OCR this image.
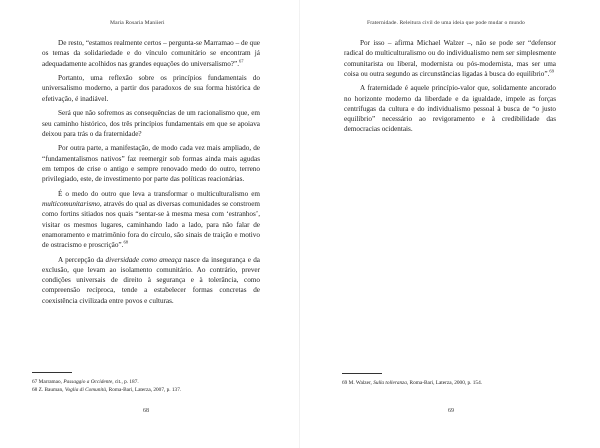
Maria Rosaria Maniieri

De resto, “estamos realmente certos – pergunta-se Marramao – de que os temas da solidariedade e do vínculo comunitário se encontram já adequadamente acolhidos nas grandes equações do universalismo?”.$^{67}$

Portanto, uma reflexão sobre os princípios fundamentais do universalismo moderno, a partir dos paradoxos de sua forma histórica de efetivação, é inadiável.

Será que não sofremos as consequências de um racionalismo que, em seu caminho histórico, dos três princípios fundamentais em que se apoiava deixou para trás o da fraternidade?

Por outra parte, a manifestação, de modo cada vez mais ampliado, de “fundamentalismos nativos” faz reemergir sob formas ainda mais agudas em tempos de crise o antigo e sempre renovado medo do outro, terreno privilegiado, este, de investimento por parte das políticas reacionárias.

É o medo do outro que leva a transformar o multiculturalismo em multicomunitarismo, através do qual as diversas comunidades se constroem como fortins sitiados nos quais “sentar-se à mesma mesa com ‘estranhos’, visitar os mesmos lugares, caminhando lado a lado, para não falar de enamoramento e matrimônio fora do círculo, são sinais de traição e motivo de ostracismo e proscrição”.$^{68}$

A percepção da diversidade como ameaça nasce da insegurança e da exclusão, que levam ao isolamento comunitário. Ao contrário, prever condições universais de direito à segurança e à tolerância, como compreensão recíproca, tende a estabelecer formas concretas de coexistência civilizada entre povos e culturas.

67 Marramao, Passaggio a Occidente, cit., p. 187.
68 Z. Bauman, Voglia di Comunità, Roma-Bari, Laterza, 2007, p. 137.
68
Fraternidade. Releitura civil de uma ideia que pode mudar o mundo

Por isso – afirma Michael Walzer –, não se pode ser “defensor radical do multiculturalismo ou do individualismo nem ser simplesmente comunitarista ou liberal, modernista ou pós-modernista, mas ser uma coisa ou outra segundo as circunstâncias ligadas à busca do equilíbrio”.$^{69}$

A fraternidade é aquele princípio-valor que, solidamente ancorado no horizonte moderno da liberdade e da igualdade, impele as forças centrífugas da cultura e do individualismo pessoal à busca de “o justo equilíbrio” necessário ao revigoramento e à credibilidade das democracias ocidentais.

69 M. Walzer, Sulla tolleranza, Roma-Bari, Laterza, 2000, p. 154.
69
